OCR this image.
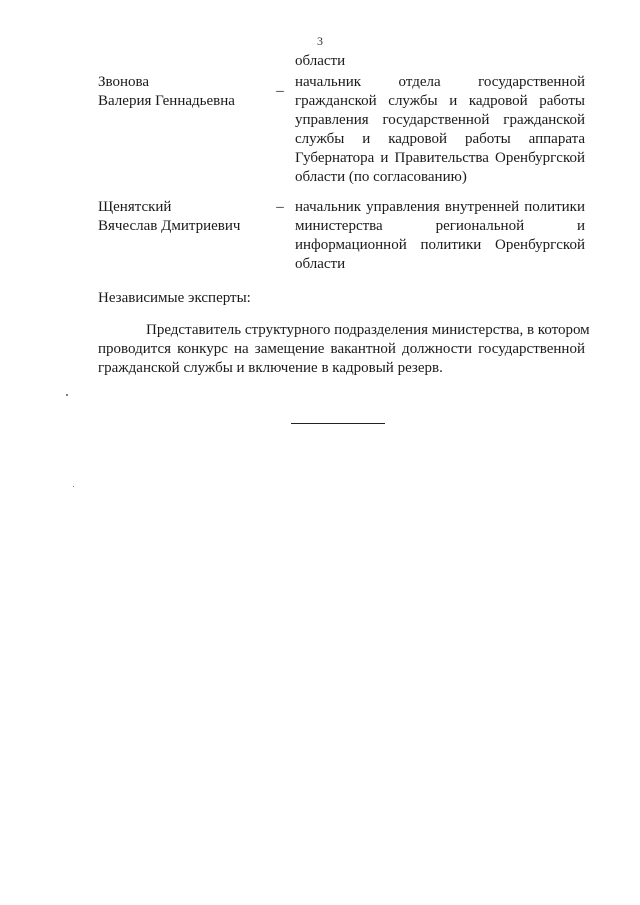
3
области
Звонова
Валерия Геннадьевна
–
начальник отдела государственной
гражданской службы и кадровой работы
управления государственной гражданской
службы и кадровой работы аппарата
Губернатора и Правительства Оренбургской
области (по согласованию)
Щенятский
Вячеслав Дмитриевич
– начальник управления внутренней политики
министерства региональной и
информационной политики Оренбургской
области
Независимые эксперты:
Представитель структурного подразделения министерства, в котором
проводится конкурс на замещение вакантной должности государственной
гражданской службы и включение в кадровый резерв.
